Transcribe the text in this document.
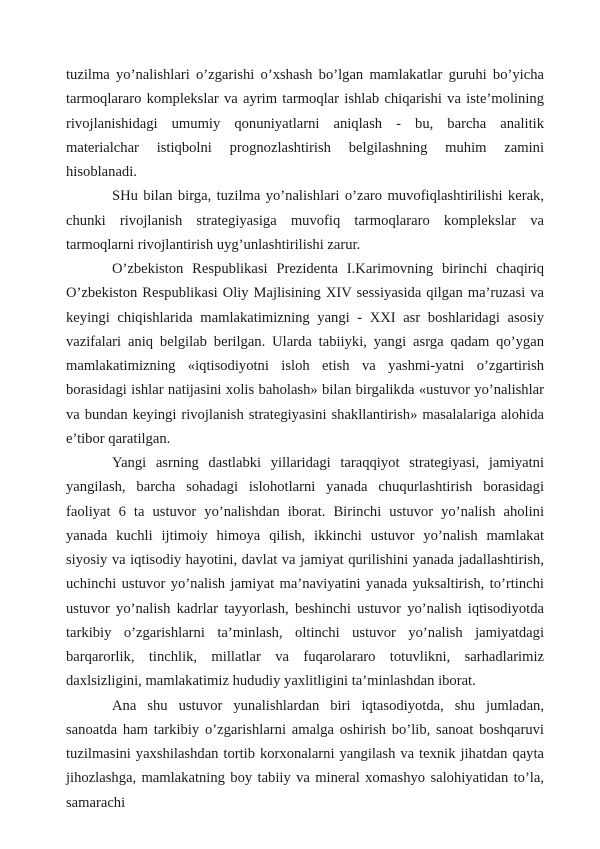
tuzilma yo’nalishlari o’zgarishi o’xshash bo’lgan mamlakatlar guruhi bo’yicha tarmoqlararo komplekslar va ayrim tarmoqlar ishlab chiqarishi va iste’molining rivojlanishidagi umumiy qonuniyatlarni aniqlash - bu, barcha analitik materialchar istiqbolni prognozlashtirish belgilashning muhim zamini hisoblanadi.

SHu bilan birga, tuzilma yo’nalishlari o’zaro muvofiqlashtirilishi kerak, chunki rivojlanish strategiyasiga muvofiq tarmoqlararo komplekslar va tarmoqlarni rivojlantirish uyg’unlashtirilishi zarur.

O’zbekiston Respublikasi Prezidenta I.Karimovning birinchi chaqiriq O’zbekiston Respublikasi Oliy Majlisining XIV sessiyasida qilgan ma’ruzasi va keyingi chiqishlarida mamlakatimizning yangi - XXI asr boshlaridagi asosiy vazifalari aniq belgilab berilgan. Ularda tabiiyki, yangi asrga qadam qo’ygan mamlakatimizning «iqtisodiyotni isloh etish va yashmi-yatni o’zgartirish borasidagi ishlar natijasini xolis baholash» bilan birgalikda «ustuvor yo’nalishlar va bundan keyingi rivojlanish strategiyasini shakllantirish» masalalariga alohida e’tibor qaratilgan.

Yangi asrning dastlabki yillaridagi taraqqiyot strategiyasi, jamiyatni yangilash, barcha sohadagi islohotlarni yanada chuqurlashtirish borasidagi faoliyat 6 ta ustuvor yo’nalishdan iborat. Birinchi ustuvor yo’nalish aholini yanada kuchli ijtimoiy himoya qilish, ikkinchi ustuvor yo’nalish mamlakat siyosiy va iqtisodiy hayotini, davlat va jamiyat qurilishini yanada jadallashtirish, uchinchi ustuvor yo’nalish jamiyat ma’naviyatini yanada yuksaltirish, to’rtinchi ustuvor yo’nalish kadrlar tayyorlash, beshinchi ustuvor yo’nalish iqtisodiyotda tarkibiy o’zgarishlarni ta’minlash, oltinchi ustuvor yo’nalish jamiyatdagi barqarorlik, tinchlik, millatlar va fuqarolararo totuvlikni, sarhadlarimiz daxlsizligini, mamlakatimiz hududiy yaxlitligini ta’minlashdan iborat.

Ana shu ustuvor yunalishlardan biri iqtasodiyotda, shu jumladan, sanoatda ham tarkibiy o’zgarishlarni amalga oshirish bo’lib, sanoat boshqaruvi tuzilmasini yaxshilashdan tortib korxonalarni yangilash va texnik jihatdan qayta jihozlashga, mamlakatning boy tabiiy va mineral xomashyo salohiyatidan to’la, samarachi
